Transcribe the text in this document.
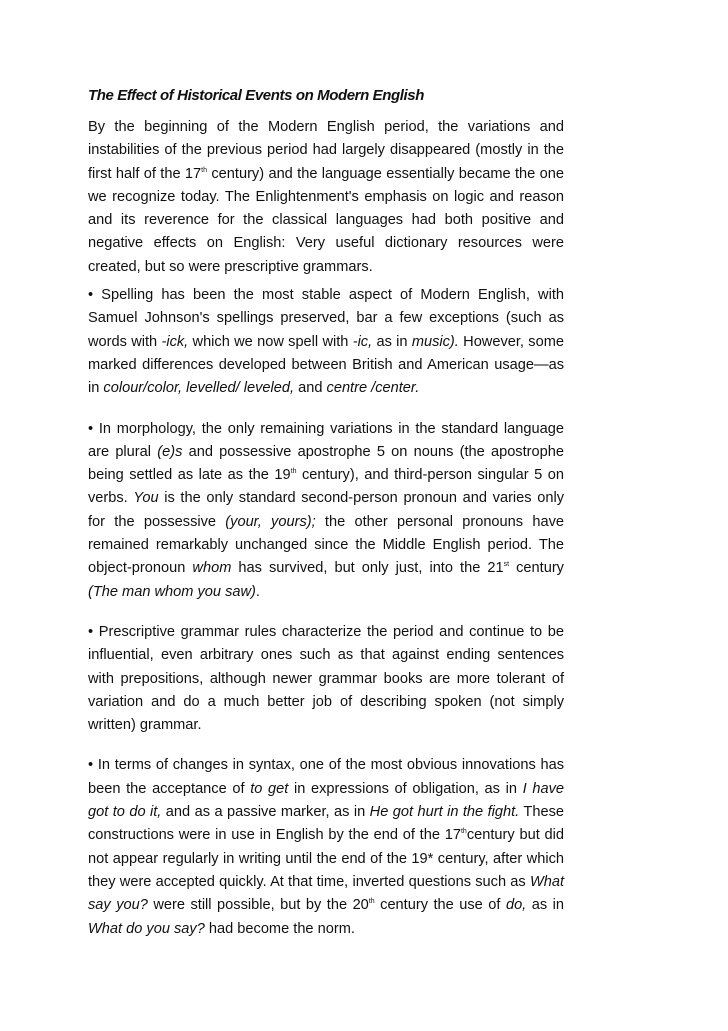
The Effect of Historical Events on Modern English

By the beginning of the Modern English period, the variations and instabilities of the previous period had largely disappeared (mostly in the first half of the 17th century) and the language essentially became the one we recognize today. The Enlightenment's emphasis on logic and reason and its reverence for the classical languages had both positive and negative effects on English: Very useful dictionary resources were created, but so were prescriptive grammars.

• Spelling has been the most stable aspect of Modern English, with Samuel Johnson's spellings preserved, bar a few exceptions (such as words with -ick, which we now spell with -ic, as in music). However, some marked differences developed between British and American usage—as in colour/color, levelled/ leveled, and centre /center.

• In morphology, the only remaining variations in the standard language are plural (e)s and possessive apostrophe 5 on nouns (the apostrophe being settled as late as the 19th century), and third-person singular 5 on verbs. You is the only standard second-person pronoun and varies only for the possessive (your, yours); the other personal pronouns have remained remarkably unchanged since the Middle English period. The object-pronoun whom has survived, but only just, into the 21st century (The man whom you saw).

• Prescriptive grammar rules characterize the period and continue to be influential, even arbitrary ones such as that against ending sentences with prepositions, although newer grammar books are more tolerant of variation and do a much better job of describing spoken (not simply written) grammar.

• In terms of changes in syntax, one of the most obvious innovations has been the acceptance of to get in expressions of obligation, as in I have got to do it, and as a passive marker, as in He got hurt in the fight. These constructions were in use in English by the end of the 17thcentury but did not appear regularly in writing until the end of the 19* century, after which they were accepted quickly. At that time, inverted questions such as What say you? were still possible, but by the 20th century the use of do, as in What do you say? had become the norm.
